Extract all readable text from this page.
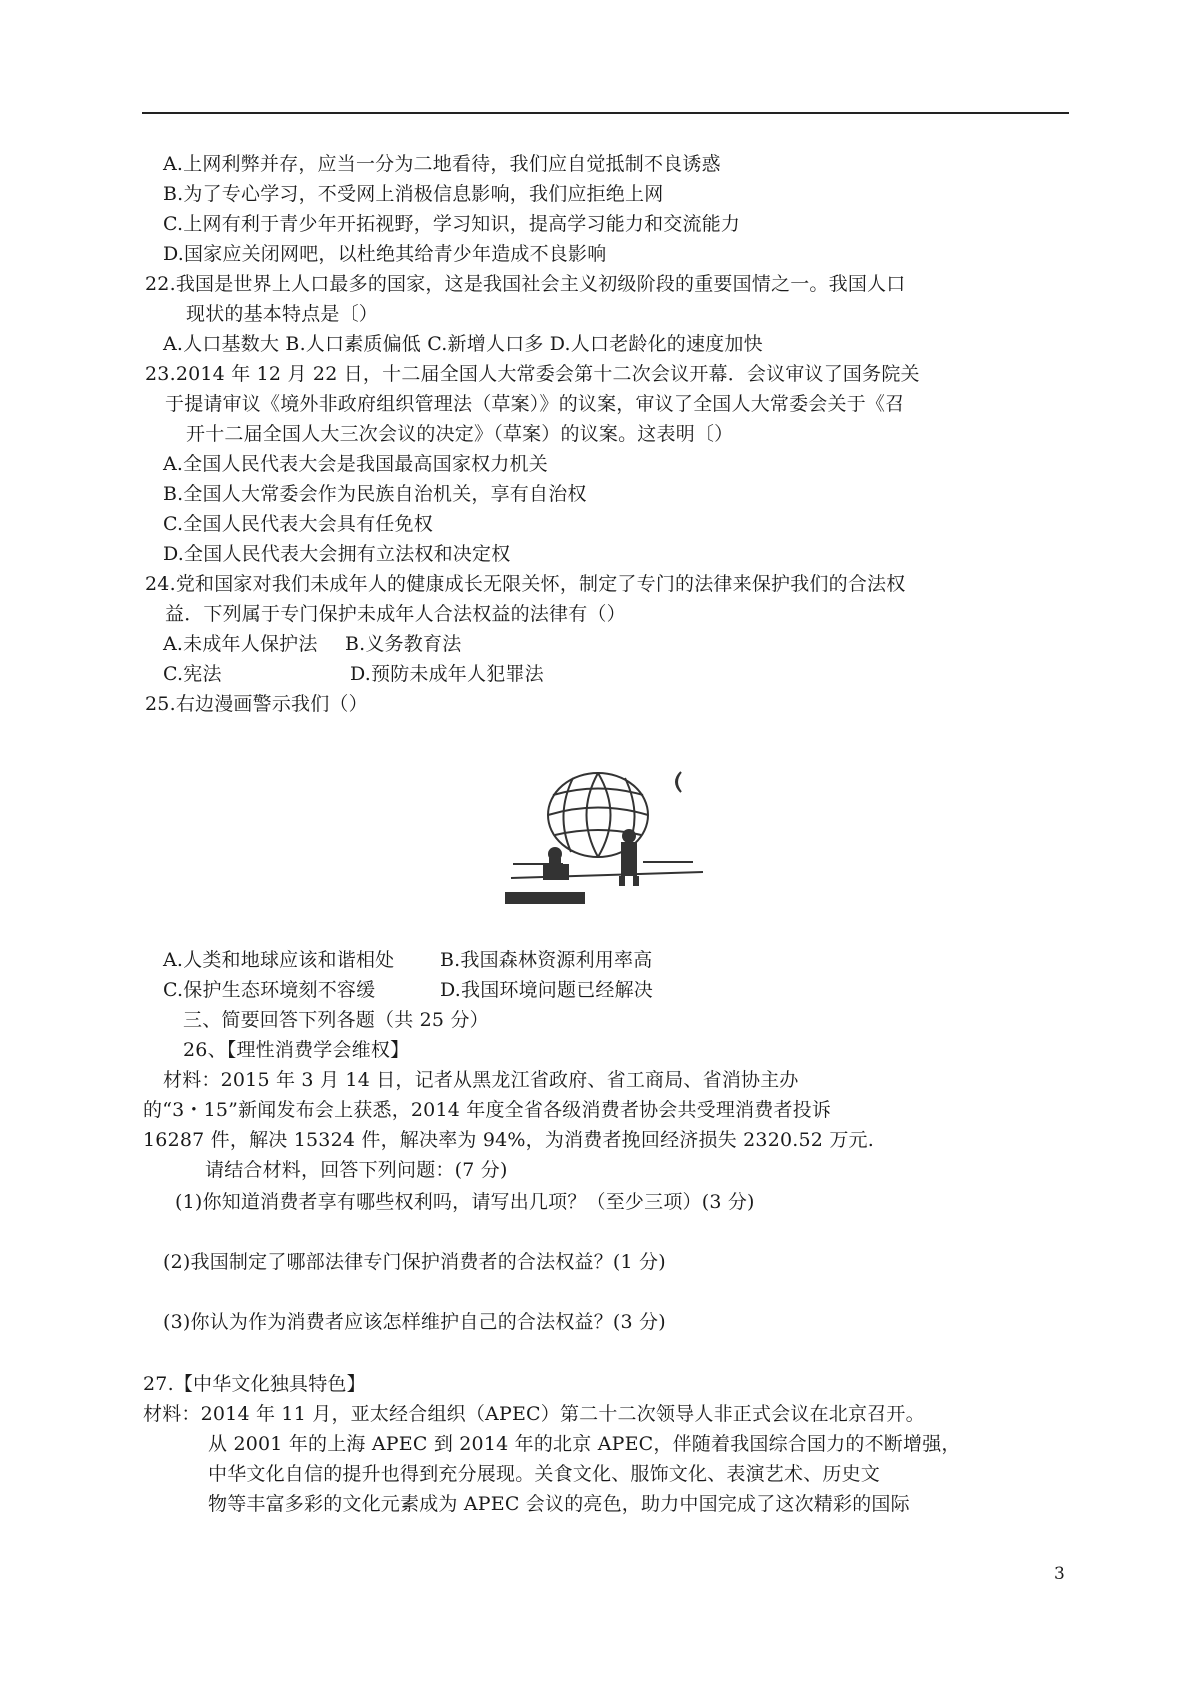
A.上网利弊并存，应当一分为二地看待，我们应自觉抵制不良诱惑
B.为了专心学习，不受网上消极信息影响，我们应拒绝上网
C.上网有利于青少年开拓视野，学习知识，提高学习能力和交流能力
D.国家应关闭网吧，以杜绝其给青少年造成不良影响
22.我国是世界上人口最多的国家，这是我国社会主义初级阶段的重要国情之一。我国人口
现状的基本特点是〔）
A.人口基数大 B.人口素质偏低 C.新增人口多 D.人口老龄化的速度加快
23.2014 年 12 月 22 日，十二届全国人大常委会第十二次会议开幕．会议审议了国务院关
于提请审议《境外非政府组织管理法（草案）》的议案，审议了全国人大常委会关于《召
开十二届全国人大三次会议的决定》（草案）的议案。这表明〔）
A.全国人民代表大会是我国最高国家权力机关
B.全国人大常委会作为民族自治机关，享有自治权
C.全国人民代表大会具有任免权
D.全国人民代表大会拥有立法权和决定权
24.党和国家对我们未成年人的健康成长无限关怀，制定了专门的法律来保护我们的合法权
益．下列属于专门保护未成年人合法权益的法律有（）
A.未成年人保护法 B.义务教育法
C.宪法	D.预防未成年人犯罪法
25.右边漫画警示我们（）
A.人类和地球应该和谐相处 B.我国森林资源利用率高
C.保护生态环境刻不容缓	D.我国环境问题已经解决
三、简要回答下列各题（共 25 分）
26、【理性消费学会维权】
材料：2015 年 3 月 14 日，记者从黑龙江省政府、省工商局、省消协主办
的“3・15”新闻发布会上获悉，2014 年度全省各级消费者协会共受理消费者投诉
16287 件，解决 15324 件，解决率为 94%，为消费者挽回经济损失 2320.52 万元.
请结合材料，回答下列问题：(7 分)
(1)你知道消费者享有哪些权利吗，请写出几项？（至少三项）(3 分)
(2)我国制定了哪部法律专门保护消费者的合法权益？(1 分)
(3)你认为作为消费者应该怎样维护自己的合法权益？(3 分)
27.【中华文化独具特色】
材料：2014 年 11 月，亚太经合组织（APEC）第二十二次领导人非正式会议在北京召开。
从 2001 年的上海 APEC 到 2014 年的北京 APEC，伴随着我国综合国力的不断增强，
中华文化自信的提升也得到充分展现。关食文化、服饰文化、表演艺术、历史文
物等丰富多彩的文化元素成为 APEC 会议的亮色，助力中国完成了这次精彩的国际
3
